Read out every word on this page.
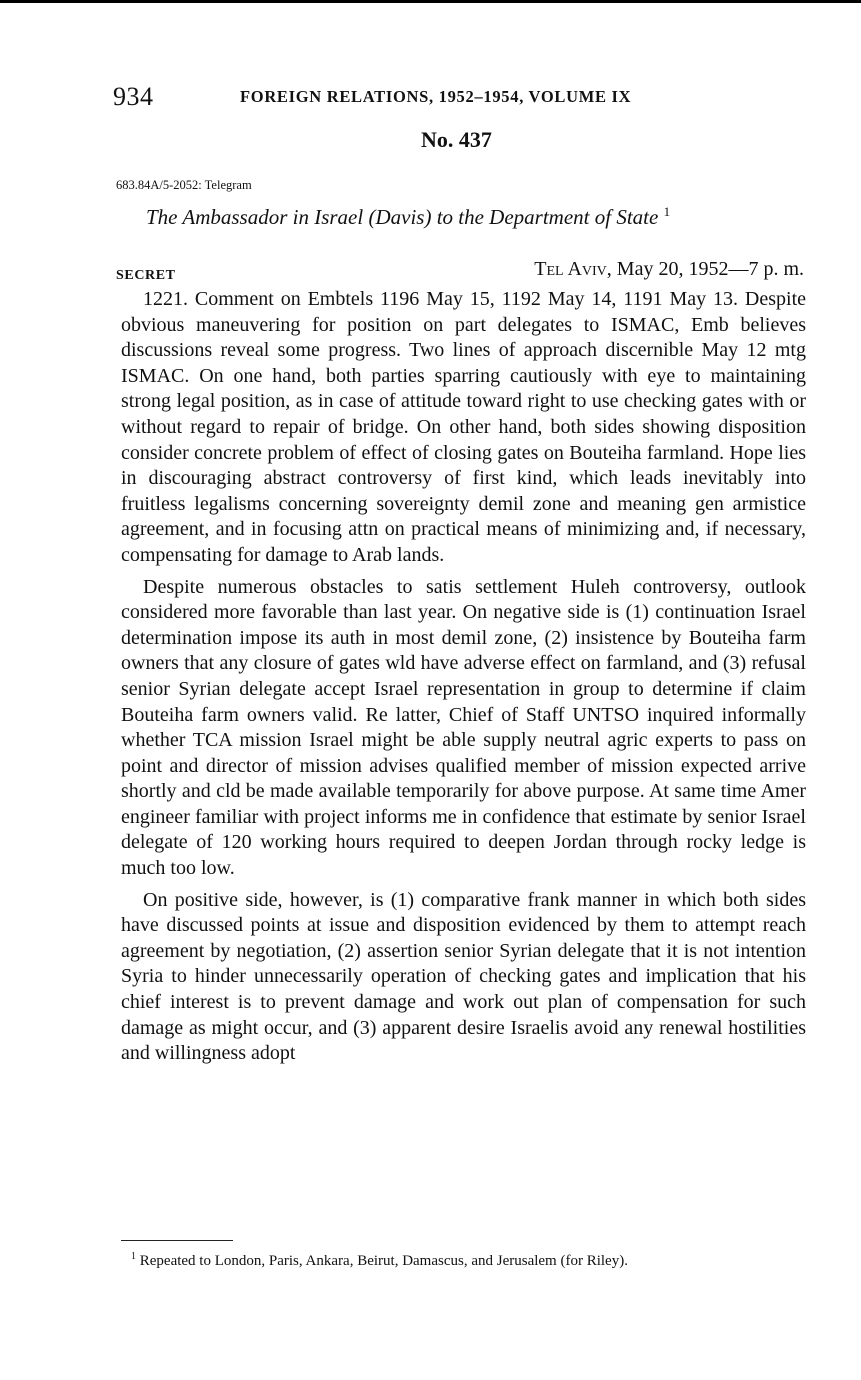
934	FOREIGN RELATIONS, 1952–1954, VOLUME IX
No. 437
683.84A/5-2052: Telegram
The Ambassador in Israel (Davis) to the Department of State $^1$
SECRET	Tel Aviv, May 20, 1952—7 p. m.

1221. Comment on Embtels 1196 May 15, 1192 May 14, 1191 May 13. Despite obvious maneuvering for position on part delegates to ISMAC, Emb believes discussions reveal some progress. Two lines of approach discernible May 12 mtg ISMAC. On one hand, both parties sparring cautiously with eye to maintaining strong legal position, as in case of attitude toward right to use checking gates with or without regard to repair of bridge. On other hand, both sides showing disposition consider concrete problem of effect of closing gates on Bouteiha farmland. Hope lies in discouraging abstract controversy of first kind, which leads inevitably into fruitless legalisms concerning sovereignty demil zone and meaning gen armistice agreement, and in focusing attn on practical means of minimizing and, if necessary, compensating for damage to Arab lands.

Despite numerous obstacles to satis settlement Huleh controversy, outlook considered more favorable than last year. On negative side is (1) continuation Israel determination impose its auth in most demil zone, (2) insistence by Bouteiha farm owners that any closure of gates wld have adverse effect on farmland, and (3) refusal senior Syrian delegate accept Israel representation in group to determine if claim Bouteiha farm owners valid. Re latter, Chief of Staff UNTSO inquired informally whether TCA mission Israel might be able supply neutral agric experts to pass on point and director of mission advises qualified member of mission expected arrive shortly and cld be made available temporarily for above purpose. At same time Amer engineer familiar with project informs me in confidence that estimate by senior Israel delegate of 120 working hours required to deepen Jordan through rocky ledge is much too low.

On positive side, however, is (1) comparative frank manner in which both sides have discussed points at issue and disposition evidenced by them to attempt reach agreement by negotiation, (2) assertion senior Syrian delegate that it is not intention Syria to hinder unnecessarily operation of checking gates and implication that his chief interest is to prevent damage and work out plan of compensation for such damage as might occur, and (3) apparent desire Israelis avoid any renewal hostilities and willingness adopt

$^1$ Repeated to London, Paris, Ankara, Beirut, Damascus, and Jerusalem (for Riley).
